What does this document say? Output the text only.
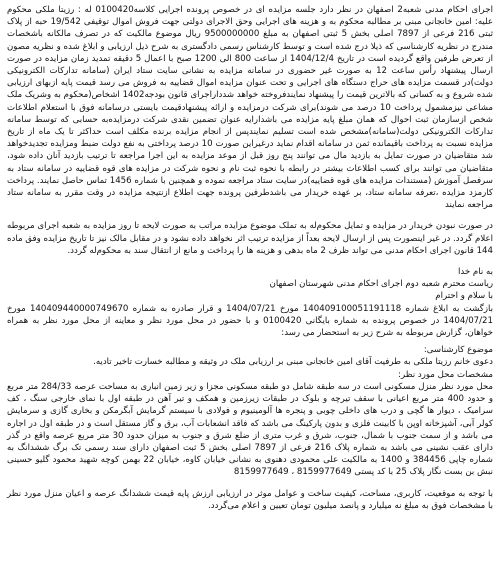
اجرای احکام مدنی شعبه2 اصفهان در نظر دارد جلسه مزایده ای در خصوص پرونده اجرایی کلاسه0100420 له : رزیتا ملکی محکوم علیه: امین خانجانی مبنی بر مطالبه محکوم به و هزینه های اجرایی وحق الاجرای دولتی جهت فروش اموال توقیفی 19/542 حبه از پلاک ثبتی 216 فرعی از 7897 اصلی بخش 5 ثبتی اصفهان به مبلغ 9500000000 ریال موضوع مالکیت که در تصرف مالکانه باشخصات مندرج در نظریه کارشناسی که ذیلا درج شده است و توسط کارشناس رسمی دادگستری به شرح ذیل ارزیابی و ابلاغ شده و نظریه مصون از تعرض طرفین واقع گردیده است در تاریخ 1404/12/4 از ساعت 800 الی 1200 صبح با اعمال 5 دقیقه تمدید زمان مزایده در صورت ارسال پیشنهاد رأس ساعت 12 به صورت غیر حضوری در سامانه مزایده به نشانی سایت ستاد ایران (سامانه تدارکات الکترونیکی دولت)در قسمت مزایده های حراج دستگاه های اجرایی و تحت عنوان مزایده اموال قضاییه به فروش می رسد قیمت پایه ازبهای ارزیابی شده شروع و به کسانی که بالاترین قیمت را پیشنهاد نمایندفروخته خواهد شدداراجرای قانون بودجه1402 اشخاص(محکوم به وشریک ملک مشاعی نیزمشمول پرداخت 10 درصد می شوند)برای شرکت درمزایده و ارائه پیشنهادقیمت بایستی درسامانه فوق با استعلام اطلاعات شخص ازسازمان ثبت احوال که همان مبلغ پایه مزایده می باشدارایه عنوان تضمین نقدی شرکت درمزایده‌به حسابی که توسط سامانه تدارکات الکترونیکی دولت(سامانه)مشخص شده است تسلیم نمایندپس از انجام مزایده برنده مکلف است حداکثر تا یک ماه از تاریخ مزایده نسبت به پرداخت باقیمانده ثمن در سامانه اقدام نماید درغیراین صورت 10 درصد پرداختی به نفع دولت ضبط ومزایده تجدیدخواهد شد متقاضیان در صورت تمایل به بازدید مال می توانند پنج روز قبل از موعد مزایده به این اجرا مراجعه تا ترتیب بازدید آنان داده شود، متقاضیان می توانند برای کسب اطلاعات بیشتر در رابطه با نحوه ثبت نام و نحوه شرکت در مزایده های قوه قضاییه در سامانه ستاد به سرفصل آموزش (مستندات مزایده های قوه قضاییه)در سایت ستاد مراجعه نموده و همچنین با شماره 1456 تماس حاصل نمایند. پرداخت کارمزد مزایده ،تعرفه سامانه ستاد، بر عهده خریدار می باشدطرفین پرونده جهت اطلاع ازنتیجه مزایده در وقت مقرر به سامانه ستاد مراجعه نمایند

در صورت نبودن خریدار در مزایده و تمایل محکوم‌له به تملک موضوع مزایده مراتب به صورت لایحه تا روز مزایده به شعبه اجرای مربوطه اعلام گردد. در غیر اینصورت پس از ارسال لایحه بعداً از مزایده ترتیب اثر نخواهد داده نشود و در مقابل مالک نیز تا تاریخ مزایده وفق ماده 144 قانون اجرای احکام مدنی می تواند ظرف 2 ماه بدهی و هزینه ها را پرداخت و مانع از انتقال سند به محکوم‌له گردد.

به نام خدا

ریاست محترم شعبه دوم اجرای احکام مدنی شهرستان اصفهان

با سلام و احترام

بازگشت به ابلاغ شماره 140409100051191118 مورخ 1404/07/21 و قرار صادره به شماره 140409440000749670 مورخ 1404/07/21 در خصوص پرونده به شماره بایگانی 0100420 و با حضور در محل مورد نظر و معاینه از محل مورد نظر به همراه خواهان، گزارش مربوطه به شرح زیر به استحضار می رسد:

موضوع کارشناسی:

دعوی خانم رزیتا ملکی به طرفیت آقای امین خانجانی مبنی بر ارزیابی ملک در وثیقه و مطالبه خسارت تاخیر تادیه.

مشخصات محل مورد نظر:

محل مورد نظر منزل مسکونی است در سه طبقه شامل دو طبقه مسکونی مجزا و زیر زمین انباری به مساحت عرصه 284/33 متر مربع و حدود 400 متر مربع اعیانی با سقف تیرچه و بلوک در طبقات زیرزمین و همکف و تیر آهن در طبقه اول با نمای خارجی سنگ ، کف سرامیک ، دیوار ها گچی و درب های داخلی چوبی و پنجره ها آلومینیوم و فولادی با سیستم گرمایش آبگرمکن و بخاری گازی و سرمایش کولر آبی، آشپزخانه اوپن با کابینت فلزی و بدون پارکینگ می باشد که فاقد انشعابات آب، برق و گاز مستقل است و در طبقه اول در اجاره می باشد و از سمت جنوب با شمال، جنوب، شرق و غرب متری از ضلع شرق و جنوب به میزان حدود 30 متر مربع عرصه واقع در گذر دارای عقب نشینی می باشد به شماره پلاک 216 فرعی از 7897 اصلی بخش 5 ثبت اصفهان دارای سند رسمی تک برگ ششدانگ به شماره چاپی 384456 و 1400 به مالکیت علی محمودی دهنوی به نشانی خیابان کاوه، خیابان 22 بهمن کوچه شهید محمود گلیو حسینی نبش بن بست نگار پلاک 25 با کد پستی 8159977649 ، 8159977649

با توجه به موقعیت، کاربری، مساحت، کیفیت ساخت و عوامل موثر در ارزیابی ارزش پایه قیمت ششدانگ عرصه و اعیان منزل مورد نظر با مشخصات فوق به مبلغ نه میلیارد و پانصد میلیون تومان تعیین و اعلام می‌گردد.
